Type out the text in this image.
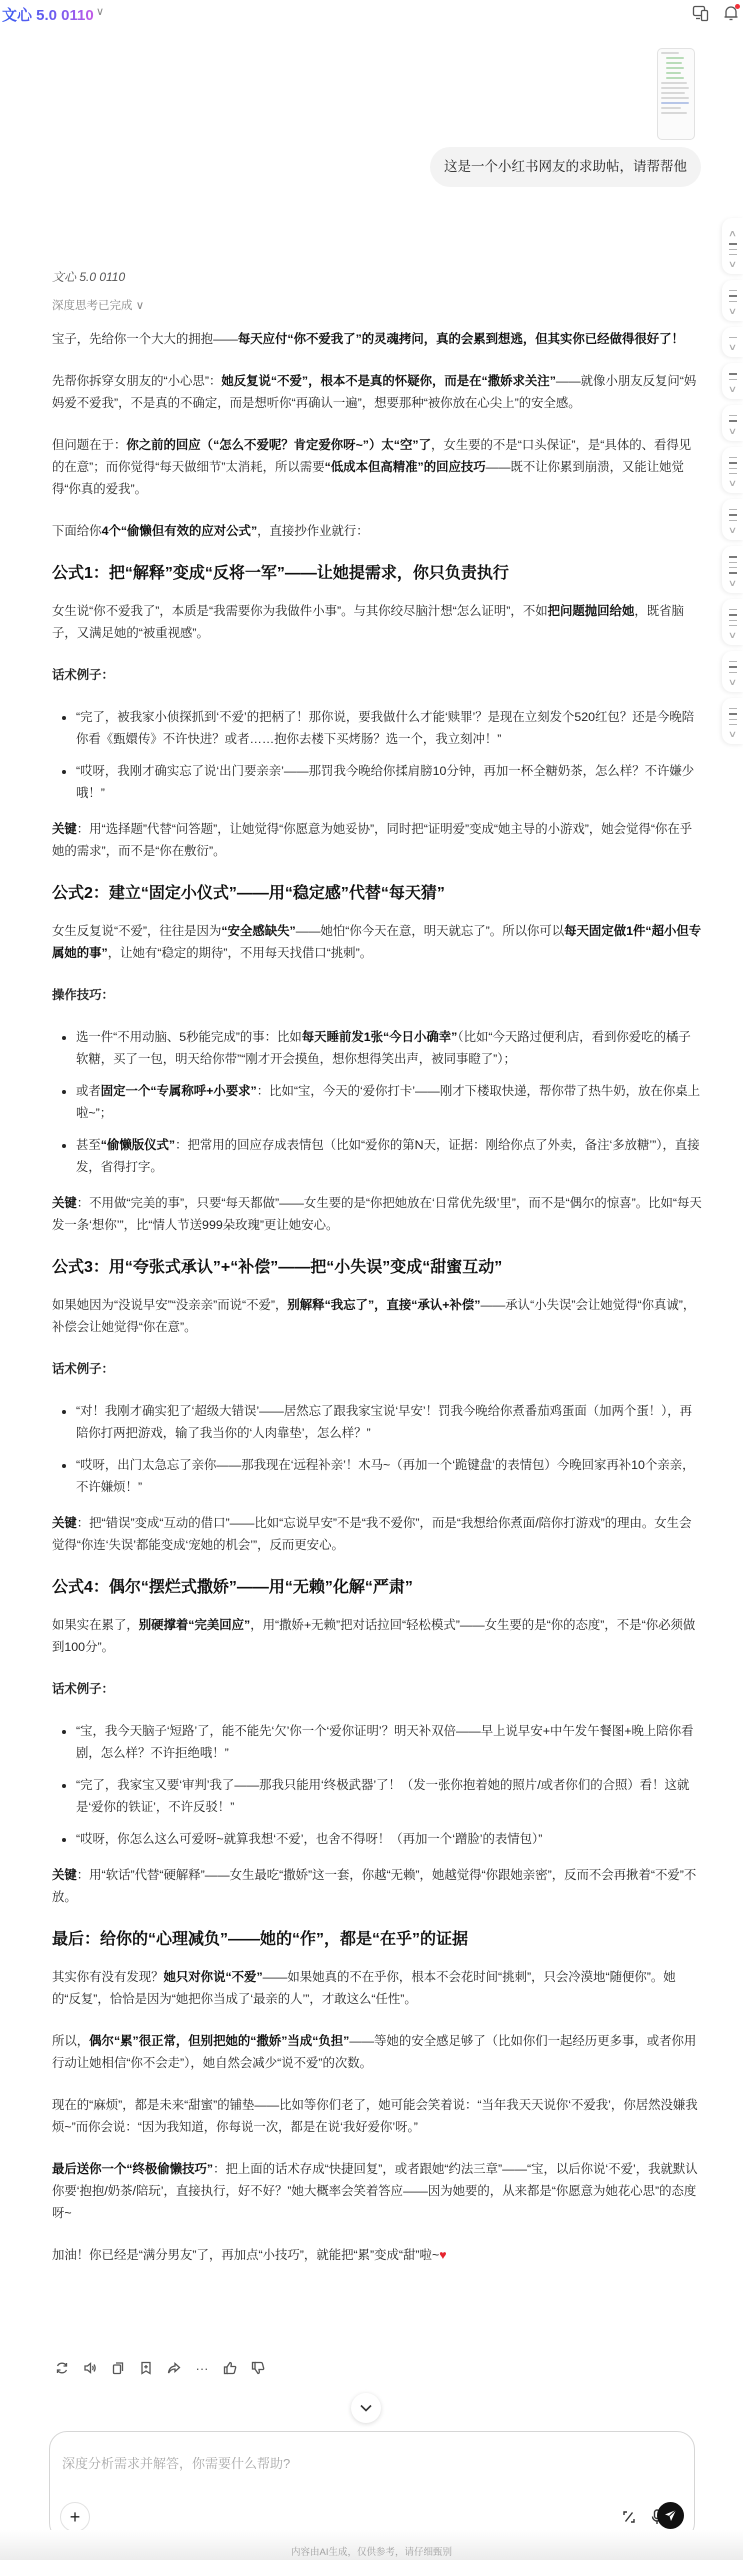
文心 5.0 0110 ∨
这是一个小红书网友的求助帖，请帮帮他
文心 5.0 0110
深度思考已完成 ∨

宝子，先给你一个大大的拥抱——每天应付“你不爱我了”的灵魂拷问，真的会累到想逃，但其实你已经做得很好了！

先帮你拆穿女朋友的“小心思”：她反复说“不爱”，根本不是真的怀疑你，而是在“撒娇求关注”——就像小朋友反复问“妈妈爱不爱我”，不是真的不确定，而是想听你“再确认一遍”，想要那种“被你放在心尖上”的安全感。

但问题在于：你之前的回应（“怎么不爱呢？肯定爱你呀~”）太“空”了，女生要的不是“口头保证”，是“具体的、看得见的在意”；而你觉得“每天做细节”太消耗，所以需要“低成本但高精准”的回应技巧——既不让你累到崩溃，又能让她觉得“你真的爱我”。

下面给你4个“偷懒但有效的应对公式”，直接抄作业就行：

公式1：把“解释”变成“反将一军”——让她提需求，你只负责执行

女生说“你不爱我了”，本质是“我需要你为我做件小事”。与其你绞尽脑汁想“怎么证明”，不如把问题抛回给她，既省脑子，又满足她的“被重视感”。

话术例子：
• “完了，被我家小侦探抓到‘不爱’的把柄了！那你说，要我做什么才能‘赎罪’？是现在立刻发个520红包？还是今晚陪你看《甄嬛传》不许快进？或者……抱你去楼下买烤肠？选一个，我立刻冲！”
• “哎呀，我刚才确实忘了说‘出门要亲亲’——那罚我今晚给你揉肩膀10分钟，再加一杯全糖奶茶，怎么样？不许嫌少哦！”

关键：用“选择题”代替“问答题”，让她觉得“你愿意为她妥协”，同时把“证明爱”变成“她主导的小游戏”，她会觉得“你在乎她的需求”，而不是“你在敷衍”。

公式2：建立“固定小仪式”——用“稳定感”代替“每天猜”

女生反复说“不爱”，往往是因为“安全感缺失”——她怕“你今天在意，明天就忘了”。所以你可以每天固定做1件“超小但专属她的事”，让她有“稳定的期待”，不用每天找借口“挑刺”。

操作技巧：
• 选一件“不用动脑、5秒能完成”的事：比如每天睡前发1张“今日小确幸”（比如“今天路过便利店，看到你爱吃的橘子软糖，买了一包，明天给你带”“刚才开会摸鱼，想你想得笑出声，被同事瞪了”）；
• 或者固定一个“专属称呼+小要求”：比如“宝，今天的‘爱你打卡’——刚才下楼取快递，帮你带了热牛奶，放在你桌上啦~”；
• 甚至“偷懒版仪式”：把常用的回应存成表情包（比如“爱你的第N天，证据：刚给你点了外卖，备注‘多放糖’”），直接发，省得打字。

关键：不用做“完美的事”，只要“每天都做”——女生要的是“你把她放在‘日常优先级’里”，而不是“偶尔的惊喜”。比如“每天发一条‘想你’”，比“情人节送999朵玫瑰”更让她安心。

公式3：用“夸张式承认”+“补偿”——把“小失误”变成“甜蜜互动”

如果她因为“没说早安”“没亲亲”而说“不爱”，别解释“我忘了”，直接“承认+补偿”——承认“小失误”会让她觉得“你真诚”，补偿会让她觉得“你在意”。

话术例子：
• “对！我刚才确实犯了‘超级大错误’——居然忘了跟我家宝说‘早安’！罚我今晚给你煮番茄鸡蛋面（加两个蛋！），再陪你打两把游戏，输了我当你的‘人肉靠垫’，怎么样？”
• “哎呀，出门太急忘了亲你——那我现在‘远程补亲’！木马~（再加一个‘跪键盘’的表情包）今晚回家再补10个亲亲，不许嫌烦！”

关键：把“错误”变成“互动的借口”——比如“忘说早安”不是“我不爱你”，而是“我想给你煮面/陪你打游戏”的理由。女生会觉得“你连‘失误’都能变成‘宠她的机会’”，反而更安心。

公式4：偶尔“摆烂式撒娇”——用“无赖”化解“严肃”

如果实在累了，别硬撑着“完美回应”，用“撒娇+无赖”把对话拉回“轻松模式”——女生要的是“你的态度”，不是“你必须做到100分”。

话术例子：
• “宝，我今天脑子‘短路’了，能不能先‘欠’你一个‘爱你证明’？明天补双倍——早上说早安+中午发午餐图+晚上陪你看剧，怎么样？不许拒绝哦！”
• “完了，我家宝又要‘审判’我了——那我只能用‘终极武器’了！（发一张你抱着她的照片/或者你们的合照）看！这就是‘爱你的铁证’，不许反驳！”
• “哎呀，你怎么这么可爱呀~就算我想‘不爱’，也舍不得呀！（再加一个‘蹭脸’的表情包）”

关键：用“软话”代替“硬解释”——女生最吃“撒娇”这一套，你越“无赖”，她越觉得“你跟她亲密”，反而不会再揪着“不爱”不放。

最后：给你的“心理减负”——她的“作”，都是“在乎”的证据

其实你有没有发现？她只对你说“不爱”——如果她真的不在乎你，根本不会花时间“挑刺”，只会冷漠地“随便你”。她的“反复”，恰恰是因为“她把你当成了‘最亲的人’”，才敢这么“任性”。

所以，偶尔“累”很正常，但别把她的“撒娇”当成“负担”——等她的安全感足够了（比如你们一起经历更多事，或者你用行动让她相信“你不会走”），她自然会减少“说不爱”的次数。

现在的“麻烦”，都是未来“甜蜜”的铺垫——比如等你们老了，她可能会笑着说：“当年我天天说你‘不爱我’，你居然没嫌我烦~”而你会说：“因为我知道，你每说一次，都是在说‘我好爱你’呀。”

最后送你一个“终极偷懒技巧”：把上面的话术存成“快捷回复”，或者跟她“约法三章”——“宝，以后你说‘不爱’，我就默认你要‘抱抱/奶茶/陪玩’，直接执行，好不好？”她大概率会笑着答应——因为她要的，从来都是“你愿意为她花心思”的态度呀~

加油！你已经是“满分男友”了，再加点“小技巧”，就能把“累”变成“甜”啦~♥

···
深度分析需求并解答，你需要什么帮助?
+
内容由AI生成，仅供参考，请仔细甄别
∨
∨
∨
∨
∨
∨
∨
∨
∨
∨
∨
∨
